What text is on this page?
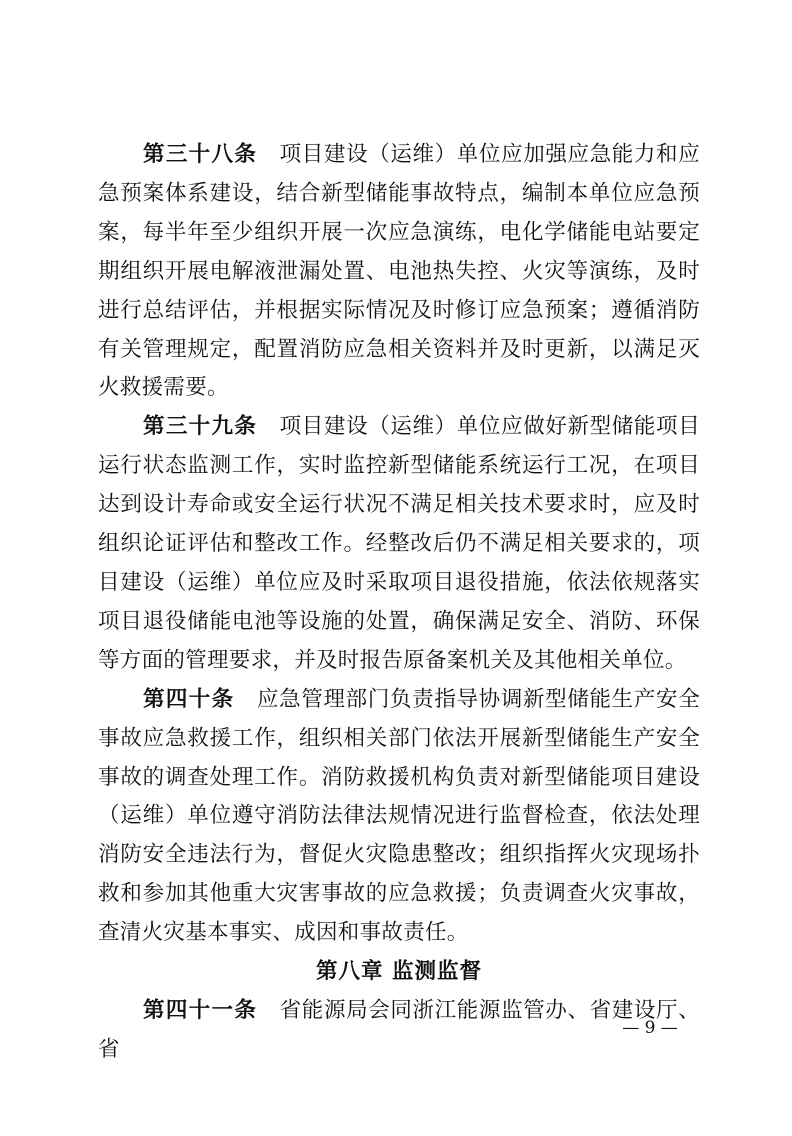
第三十八条 项目建设（运维）单位应加强应急能力和应急预案体系建设，结合新型储能事故特点，编制本单位应急预案，每半年至少组织开展一次应急演练，电化学储能电站要定期组织开展电解液泄漏处置、电池热失控、火灾等演练，及时进行总结评估，并根据实际情况及时修订应急预案；遵循消防有关管理规定，配置消防应急相关资料并及时更新，以满足灭火救援需要。

第三十九条 项目建设（运维）单位应做好新型储能项目运行状态监测工作，实时监控新型储能系统运行工况，在项目达到设计寿命或安全运行状况不满足相关技术要求时，应及时组织论证评估和整改工作。经整改后仍不满足相关要求的，项目建设（运维）单位应及时采取项目退役措施，依法依规落实项目退役储能电池等设施的处置，确保满足安全、消防、环保等方面的管理要求，并及时报告原备案机关及其他相关单位。

第四十条 应急管理部门负责指导协调新型储能生产安全事故应急救援工作，组织相关部门依法开展新型储能生产安全事故的调查处理工作。消防救援机构负责对新型储能项目建设（运维）单位遵守消防法律法规情况进行监督检查，依法处理消防安全违法行为，督促火灾隐患整改；组织指挥火灾现场扑救和参加其他重大灾害事故的应急救援；负责调查火灾事故，查清火灾基本事实、成因和事故责任。

第八章 监测监督

第四十一条 省能源局会同浙江能源监管办、省建设厅、省

— 9 —
